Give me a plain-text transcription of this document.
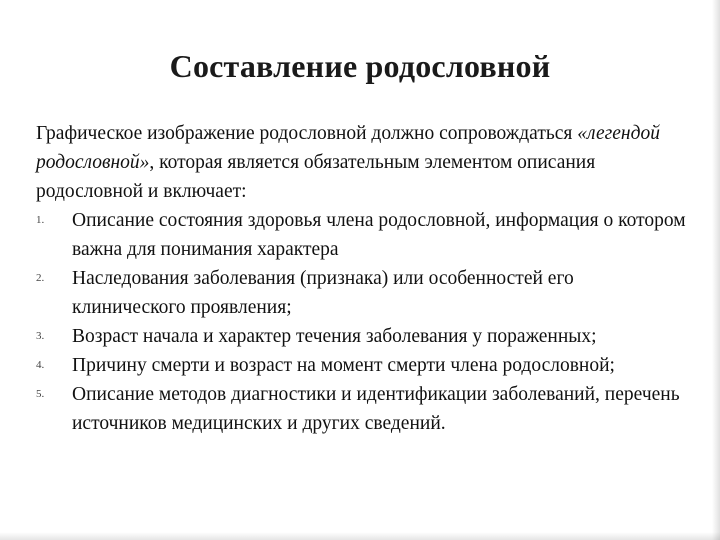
Составление родословной

Графическое изображение родословной должно сопровождаться «легендой родословной», которая является обязательным элементом описания родословной и включает:

1. Описание состояния здоровья члена родословной, информация о котором важна для понимания характера
2. Наследования заболевания (признака) или особенностей его клинического проявления;
3. Возраст начала и характер течения заболевания у пораженных;
4. Причину смерти и возраст на момент смерти члена родословной;
5. Описание методов диагностики и идентификации заболеваний, перечень источников медицинских и других сведений.
